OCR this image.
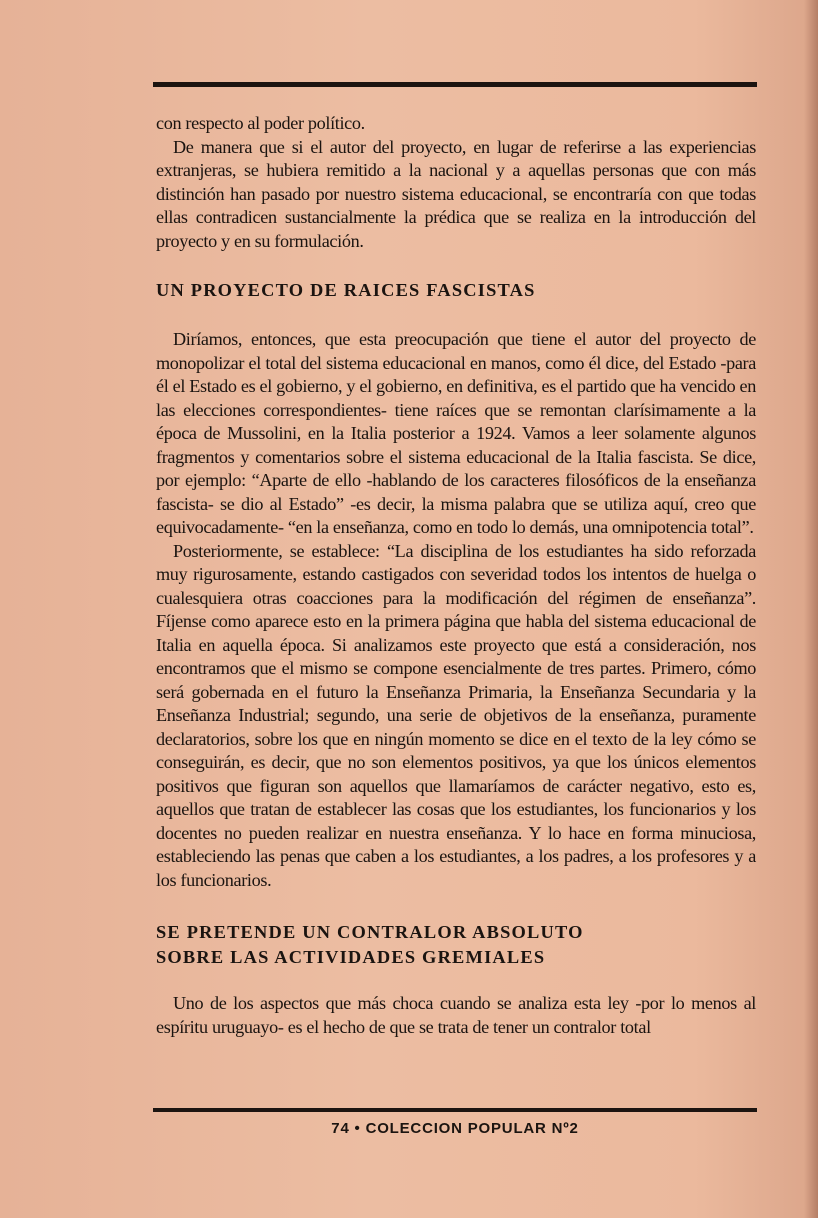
con respecto al poder político.

De manera que si el autor del proyecto, en lugar de referirse a las experiencias extranjeras, se hubiera remitido a la nacional y a aquellas personas que con más distinción han pasado por nuestro sistema educacional, se encontraría con que todas ellas contradicen sustancialmente la prédica que se realiza en la introducción del proyecto y en su formulación.

UN PROYECTO DE RAICES FASCISTAS

Diríamos, entonces, que esta preocupación que tiene el autor del proyecto de monopolizar el total del sistema educacional en manos, como él dice, del Estado -para él el Estado es el gobierno, y el gobierno, en definitiva, es el partido que ha vencido en las elecciones correspondientes- tiene raíces que se remontan clarísimamente a la época de Mussolini, en la Italia posterior a 1924. Vamos a leer solamente algunos fragmentos y comentarios sobre el sistema educacional de la Italia fascista. Se dice, por ejemplo: “Aparte de ello -hablando de los caracteres filosóficos de la enseñanza fascista- se dio al Estado” -es decir, la misma palabra que se utiliza aquí, creo que equivocadamente- “en la enseñanza, como en todo lo demás, una omnipotencia total”.

Posteriormente, se establece: “La disciplina de los estudiantes ha sido reforzada muy rigurosamente, estando castigados con severidad todos los intentos de huelga o cualesquiera otras coacciones para la modificación del régimen de enseñanza”. Fíjense como aparece esto en la primera página que habla del sistema educacional de Italia en aquella época. Si analizamos este proyecto que está a consideración, nos encontramos que el mismo se compone esencialmente de tres partes. Primero, cómo será gobernada en el futuro la Enseñanza Primaria, la Enseñanza Secundaria y la Enseñanza Industrial; segundo, una serie de objetivos de la enseñanza, puramente declaratorios, sobre los que en ningún momento se dice en el texto de la ley cómo se conseguirán, es decir, que no son elementos positivos, ya que los únicos elementos positivos que figuran son aquellos que llamaríamos de carácter negativo, esto es, aquellos que tratan de establecer las cosas que los estudiantes, los funcionarios y los docentes no pueden realizar en nuestra enseñanza. Y lo hace en forma minuciosa, estableciendo las penas que caben a los estudiantes, a los padres, a los profesores y a los funcionarios.

SE PRETENDE UN CONTRALOR ABSOLUTO
SOBRE LAS ACTIVIDADES GREMIALES

Uno de los aspectos que más choca cuando se analiza esta ley -por lo menos al espíritu uruguayo- es el hecho de que se trata de tener un contralor total

74 • COLECCION POPULAR Nº2
